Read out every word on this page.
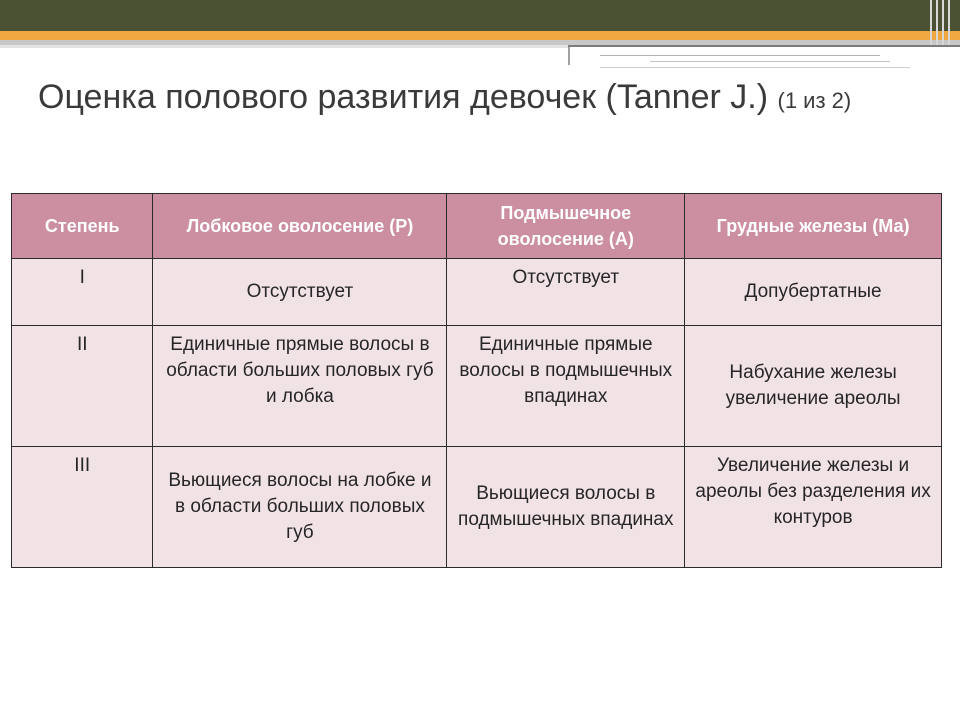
Оценка полового развития девочек (Tanner J.) (1 из 2)
Степень	Лобковое оволосение (Р)	Подмышечное оволосение (А)	Грудные железы (Ма)
I	Отсутствует	Отсутствует	Допубертатные
II	Единичные прямые волосы в области больших половых губ и лобка	Единичные прямые волосы в подмышечных впадинах	Набухание железы увеличение ареолы
III	Вьющиеся волосы на лобке и в области больших половых губ	Вьющиеся волосы в подмышечных впадинах	Увеличение железы и ареолы без разделения их контуров
